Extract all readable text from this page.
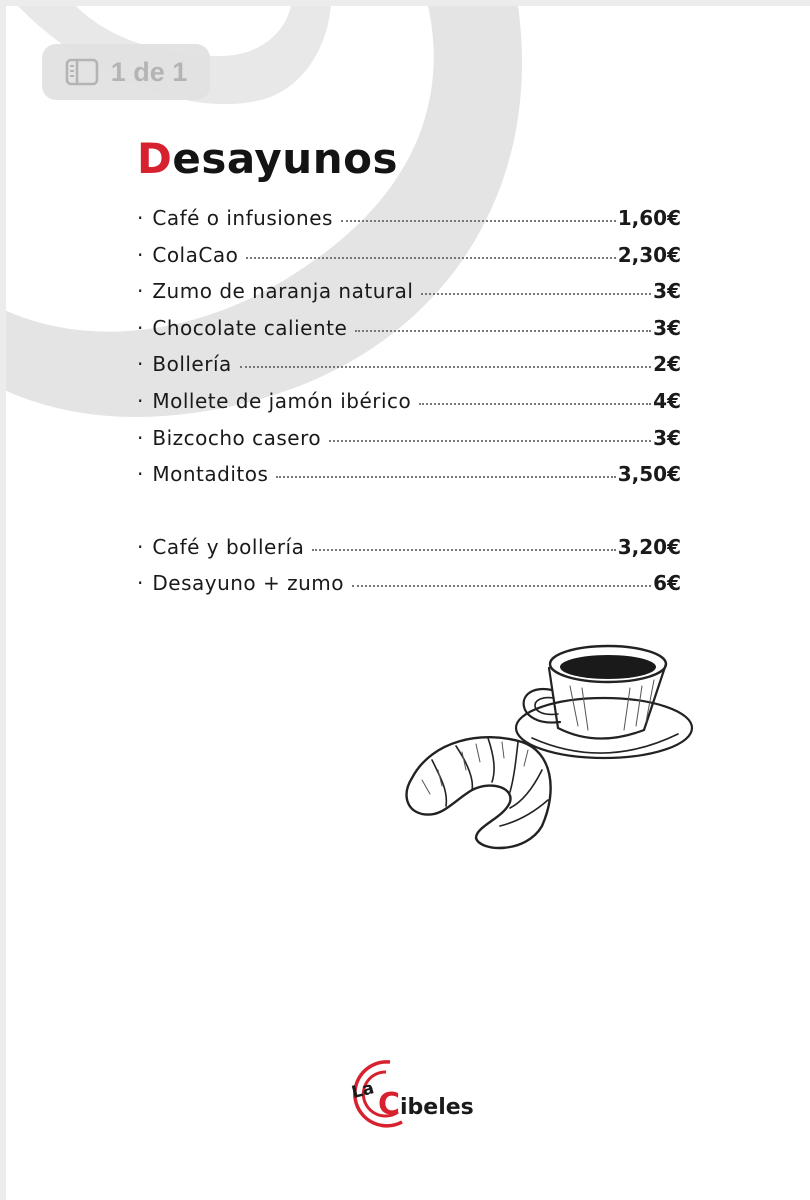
1 de 1
Desayunos
· Café o infusiones	1,60€
· ColaCao	2,30€
· Zumo de naranja natural	3€
· Chocolate caliente	3€
· Bollería	2€
· Mollete de jamón ibérico	4€
· Bizcocho casero	3€
· Montaditos	3,50€
· Café y bollería	3,20€
· Desayuno + zumo	6€
La C ibeles
